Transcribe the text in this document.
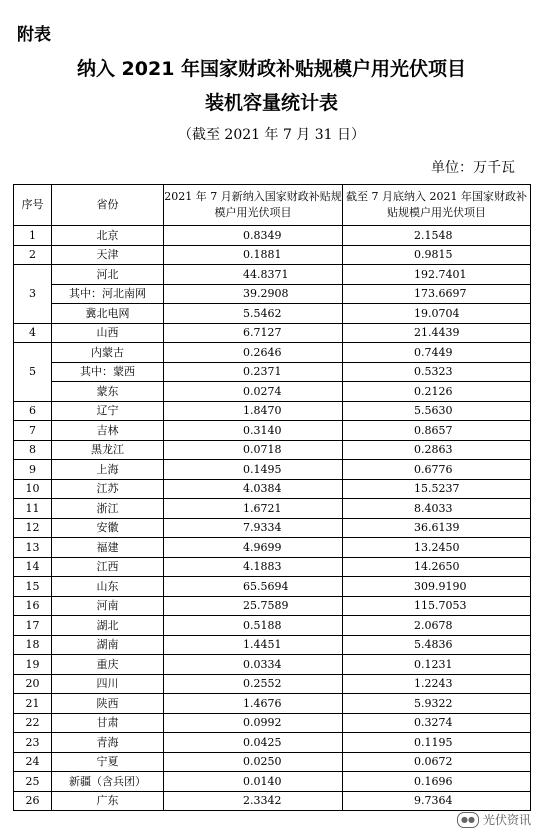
附表
纳入 2021 年国家财政补贴规模户用光伏项目
装机容量统计表
（截至 2021 年 7 月 31 日）
单位：万千瓦
序号	省份	2021 年 7 月新纳入国家财政补贴规模户用光伏项目	截至 7 月底纳入 2021 年国家财政补贴规模户用光伏项目
1	北京	0.8349	2.1548
2	天津	0.1881	0.9815
3	河北	44.8371	192.7401
	其中：河北南网	39.2908	173.6697
	冀北电网	5.5462	19.0704
4	山西	6.7127	21.4439
5	内蒙古	0.2646	0.7449
	其中：蒙西	0.2371	0.5323
	蒙东	0.0274	0.2126
6	辽宁	1.8470	5.5630
7	吉林	0.3140	0.8657
8	黑龙江	0.0718	0.2863
9	上海	0.1495	0.6776
10	江苏	4.0384	15.5237
11	浙江	1.6721	8.4033
12	安徽	7.9334	36.6139
13	福建	4.9699	13.2450
14	江西	4.1883	14.2650
15	山东	65.5694	309.9190
16	河南	25.7589	115.7053
17	湖北	0.5188	2.0678
18	湖南	1.4451	5.4836
19	重庆	0.0334	0.1231
20	四川	0.2552	1.2243
21	陕西	1.4676	5.9322
22	甘肃	0.0992	0.3274
23	青海	0.0425	0.1195
24	宁夏	0.0250	0.0672
25	新疆（含兵团）	0.0140	0.1696
26	广东	2.3342	9.7364
●● 光伏资讯
